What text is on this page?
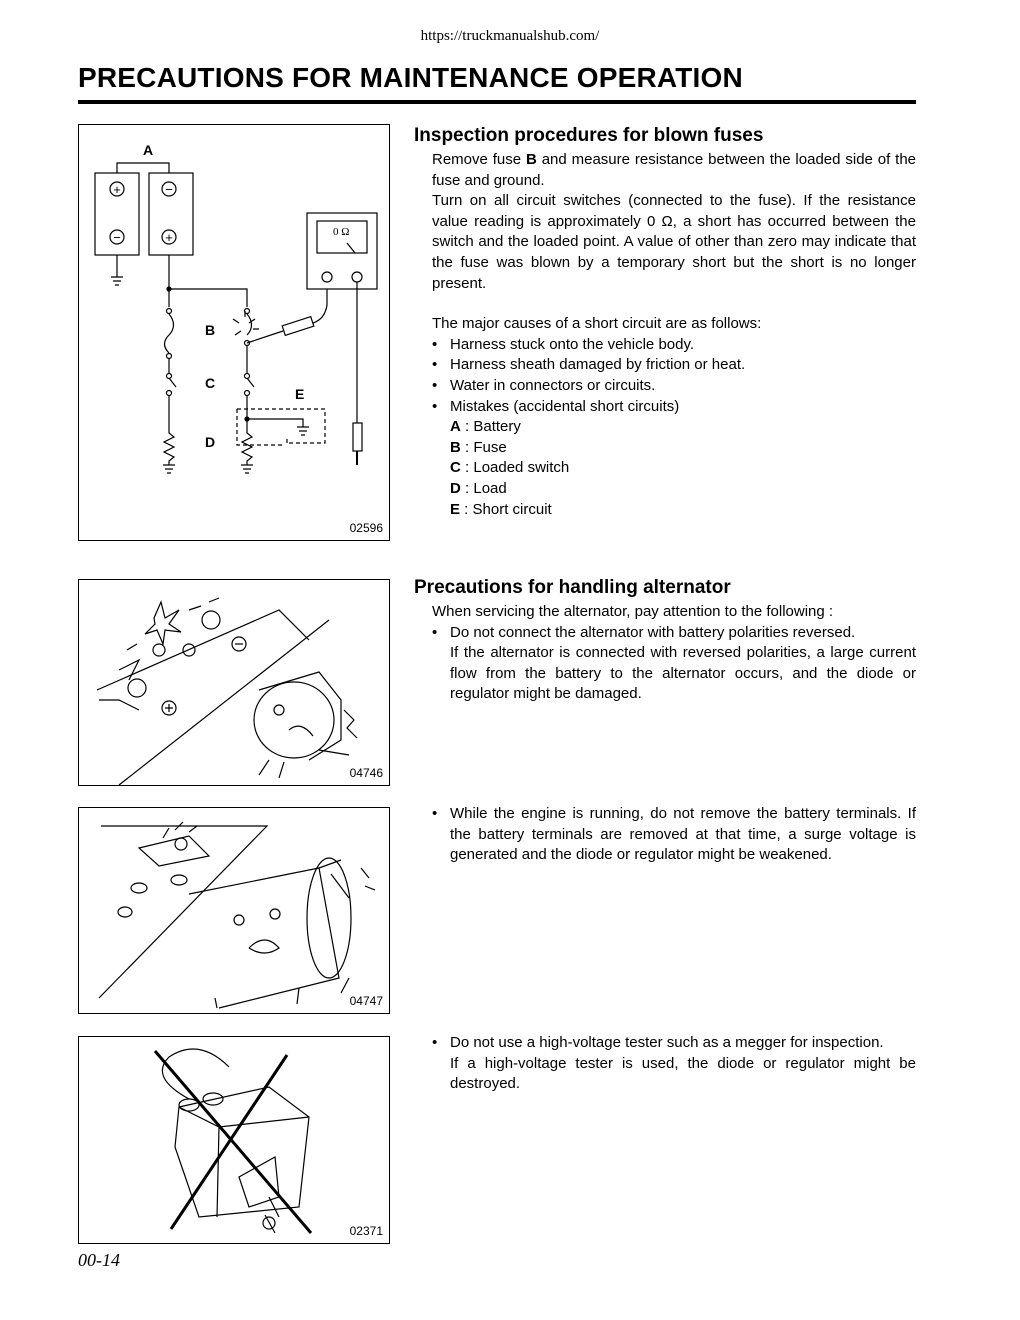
https://truckmanualshub.com/
PRECAUTIONS FOR MAINTENANCE OPERATION
A
+
−
−
+	0 Ω
B
C
D
E
02596
Inspection procedures for blown fuses
Remove fuse B and measure resistance between the loaded side of the fuse and ground.
Turn on all circuit switches (connected to the fuse). If the resistance value reading is approximately 0 Ω, a short has occurred between the switch and the loaded point. A value of other than zero may indicate that the fuse was blown by a temporary short but the short is no longer present.
The major causes of a short circuit are as follows:
• Harness stuck onto the vehicle body.
• Harness sheath damaged by friction or heat.
• Water in connectors or circuits.
• Mistakes (accidental short circuits)
A : Battery
B : Fuse
C : Loaded switch
D : Load
E : Short circuit
04746
Precautions for handling alternator
When servicing the alternator, pay attention to the following :
• Do not connect the alternator with battery polarities reversed.
If the alternator is connected with reversed polarities, a large current flow from the battery to the alternator occurs, and the diode or regulator might be damaged.
04747
• While the engine is running, do not remove the battery terminals. If the battery terminals are removed at that time, a surge voltage is generated and the diode or regulator might be weakened.
02371
• Do not use a high-voltage tester such as a megger for inspection.
If a high-voltage tester is used, the diode or regulator might be destroyed.
00-14
